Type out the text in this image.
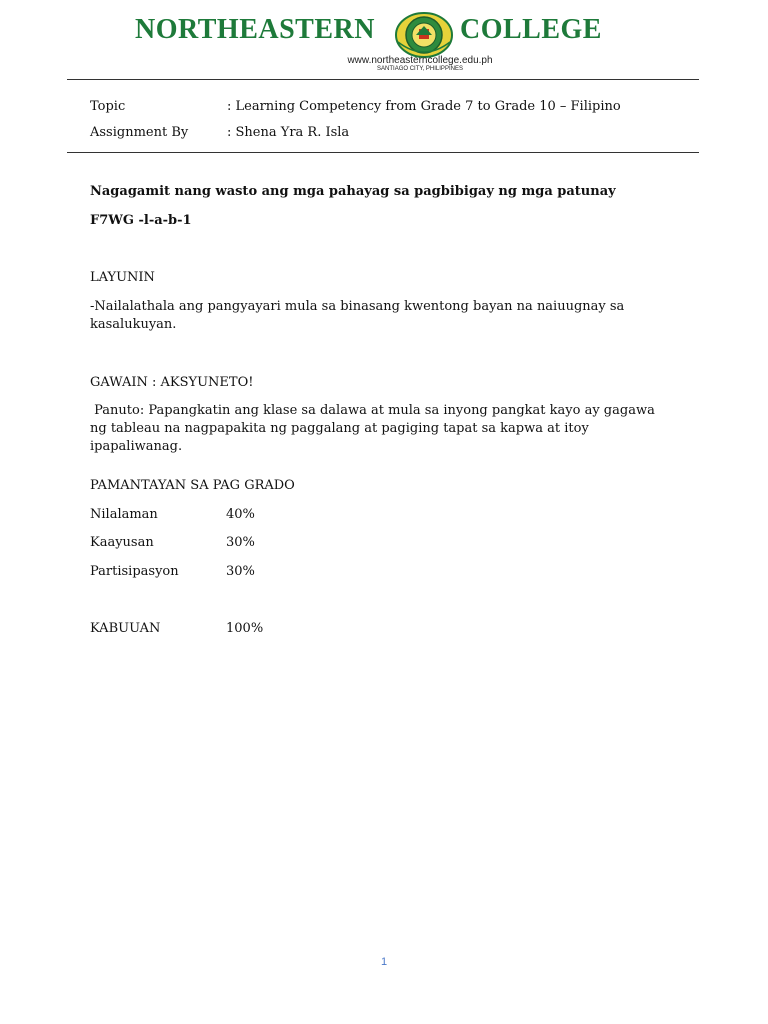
NORTHEASTERN	COLLEGE
www.northeasterncollege.edu.ph
SANTIAGO CITY, PHILIPPINES
Topic	: Learning Competency from Grade 7 to Grade 10 – Filipino
Assignment By	: Shena Yra R. Isla
Nagagamit nang wasto ang mga pahayag sa pagbibigay ng mga patunay
F7WG -l-a-b-1
LAYUNIN
-Nailalathala ang pangyayari mula sa binasang kwentong bayan na naiuugnay sa kasalukuyan.
GAWAIN : AKSYUNETO!
Panuto: Papangkatin ang klase sa dalawa at mula sa inyong pangkat kayo ay gagawa ng tableau na nagpapakita ng paggalang at pagiging tapat sa kapwa at itoy ipapaliwanag.
PAMANTAYAN SA PAG GRADO
Nilalaman	40%
Kaayusan	30%
Partisipasyon	30%
KABUUAN	100%
1
